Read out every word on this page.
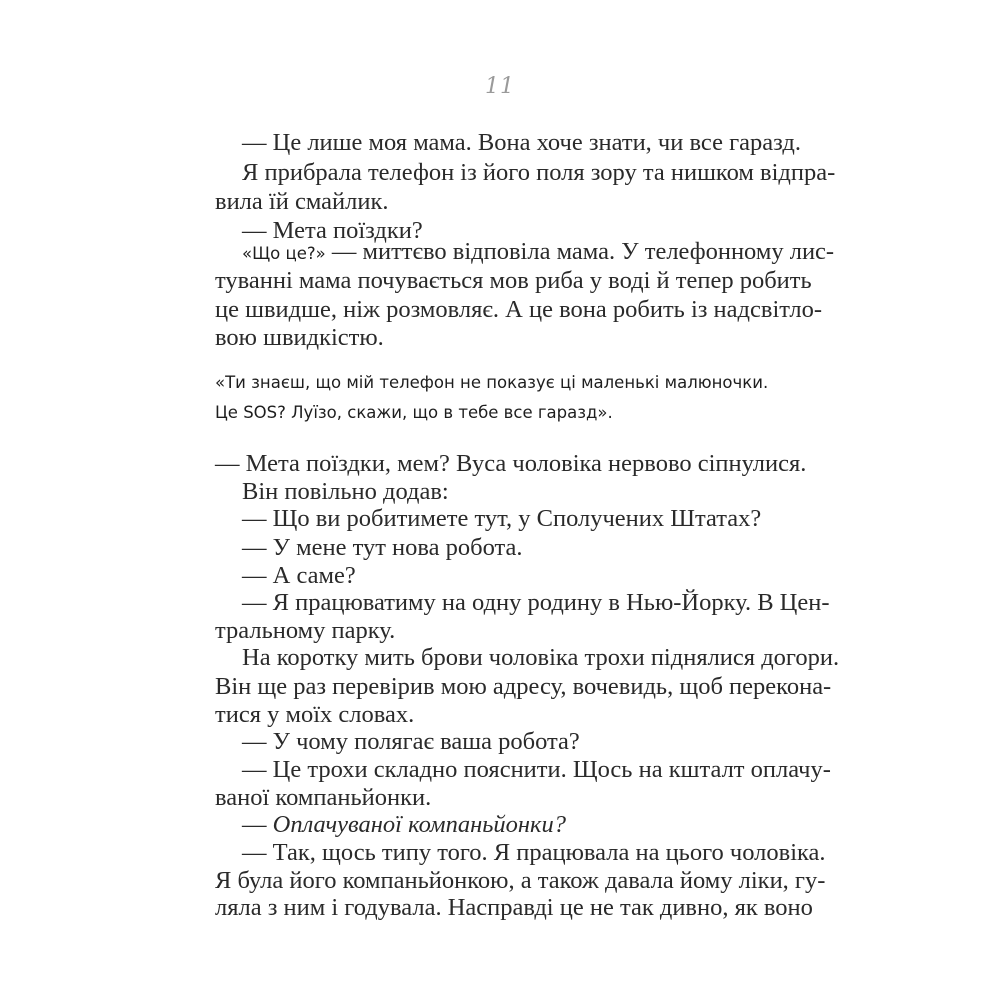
11
— Це лише моя мама. Вона хоче знати, чи все гаразд.
Я прибрала телефон із його поля зору та нишком відпра-
вила їй смайлик.
— Мета поїздки?
«Що це?» — миттєво відповіла мама. У телефонному лис-
туванні мама почувається мов риба у воді й тепер робить
це швидше, ніж розмовляє. А це вона робить із надсвітло-
вою швидкістю.
«Ти знаєш, що мій телефон не показує ці маленькі малюночки.
Це SOS? Луїзо, скажи, що в тебе все гаразд».
— Мета поїздки, мем? Вуса чоловіка нервово сіпнулися.
Він повільно додав:
— Що ви робитимете тут, у Сполучених Штатах?
— У мене тут нова робота.
— А саме?
— Я працюватиму на одну родину в Нью-Йорку. В Цен-
тральному парку.
На коротку мить брови чоловіка трохи піднялися догори.
Він ще раз перевірив мою адресу, вочевидь, щоб перекона-
тися у моїх словах.
— У чому полягає ваша робота?
— Це трохи складно пояснити. Щось на кшталт оплачу-
ваної компаньйонки.
— Оплачуваної компаньйонки?
— Так, щось типу того. Я працювала на цього чоловіка.
Я була його компаньйонкою, а також давала йому ліки, гу-
ляла з ним і годувала. Насправді це не так дивно, як воно
